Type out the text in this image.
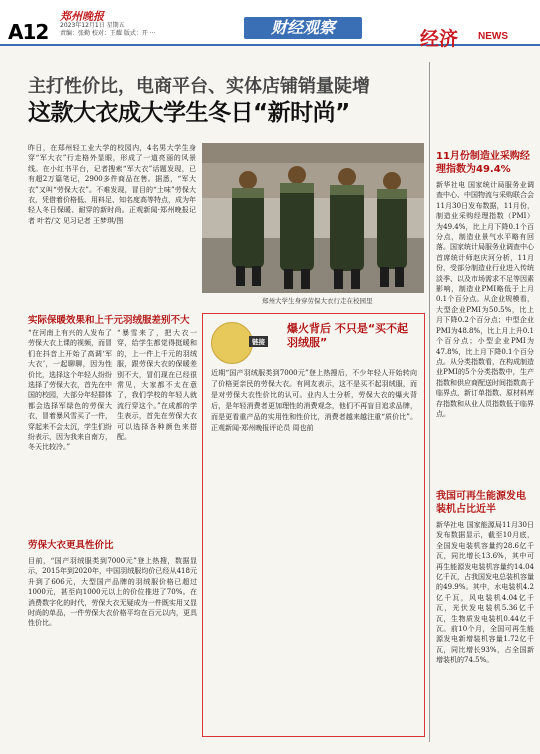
A12
郑州晚报
2023年12月1日 星期五
责编：张勤 校对：王耀 版式：开 ···	财经观察
经济 NEWS
主打性价比，电商平台、实体店铺销量陡增
这款大衣成大学生冬日“新时尚”
昨日，在郑州轻工业大学的校园内，4名男大学生身穿“军大衣”行走格外显眼，形成了一道亮丽的风景线。在小红书平台，记者搜索“军大衣”话题发现，已有超2万篇笔记，2900多件商品在售。据悉，“军大衣”又叫“劳保大衣”。不难发现，冒目的“土味”劳保大衣，凭借着价格低、用料足、知名度高等特点，成为年轻人冬日保暖、耐穿的新时尚。正观新闻·郑州晚报记者 叶若/文 见习记者 王梦琪/图
郑州大学生身穿劳保大衣行走在校园里
实际保暖效果和上千元羽绒服差别不大
“在河南上有兴的人发布了劳保大衣上课的视频，而冒们在抖音上开始了高调‘军大衣’，一起聊聊，因为性价比，选择这个年轻人纷纷选择了劳保大衣，首先在中国的校园，大部分年轻群体都会选择军绿色的劳保大衣，冒着暴风雪买了一件，穿起来不会太沉，学生们纷纷表示，因为我来自南方，冬天比较冷。”
“暴雪来了，把大衣一穿，给学生都觉得挺暖和的，上一件上千元的羽绒服，跟劳保大衣的保暖差别不大，冒们现在已经很常见，大家都不太在意了，我们学校的年轻人就流行穿这个。”在成都的学生表示，首先在劳保大衣可以选择各种颜色来搭配。
劳保大衣更具性价比
目前，“国产羽绒服类到7000元”登上热搜，数据显示，2015年到2020年，中国羽绒服均价已经从418元升到了606元，大型国产品牌的羽绒服价格已超过1000元，甚至向1000元以上的价位推进了70%。在消费数字化的时代，劳保大衣无疑成为一件既实用又显时尚的单品，一件劳保大衣价格平均在百元以内，更具性价比。
链接
爆火背后 不只是“买不起羽绒服”
近期“国产羽绒服类到7000元”登上热搜后，不少年轻人开始转向了价格更亲民的劳保大衣。有网友表示，这不是买不起羽绒服，而是对劳保大衣性价比的认可。业内人士分析，劳保大衣的爆火背后，是年轻消费者更加理性的消费观念，他们不再盲目追求品牌，而是更看重产品的实用性和性价比，消费者越来越注重“质价比”。正观新闻·郑州晚报评论员 周也前
11月份制造业采购经理指数为49.4%
新华社电 国家统计局服务业调查中心、中国物流与采购联合会11月30日发布数据，11月份，制造业采购经理指数（PMI）为49.4%，比上月下降0.1个百分点，制造业景气水平略有回落。国家统计局服务业调查中心首席统计师赵庆河分析，11月份，受部分制造业行业进入传统淡季、以及市场需求不足等因素影响，制造业PMI略低于上月0.1个百分点。从企业规模看，大型企业PMI为50.5%，比上月下降0.2个百分点；中型企业PMI为48.8%，比上月上升0.1个百分点；小型企业PMI为47.8%，比上月下降0.1个百分点。从分类指数看，在构成制造业PMI的5个分类指数中，生产指数和供应商配送时间指数高于临界点，新订单指数、原材料库存指数和从业人员指数低于临界点。
我国可再生能源发电装机占比近半
新华社电 国家能源局11月30日发布数据显示，截至10月底，全国发电装机容量约28.6亿千瓦，同比增长13.6%，其中可再生能源发电装机容量约14.04亿千瓦，占我国发电总装机容量的49.9%。其中，水电装机4.2亿千瓦，风电装机4.04亿千瓦，光伏发电装机5.36亿千瓦，生物质发电装机0.44亿千瓦。前10个月，全国可再生能源发电新增装机容量1.72亿千瓦，同比增长93%，占全国新增装机的74.5%。
